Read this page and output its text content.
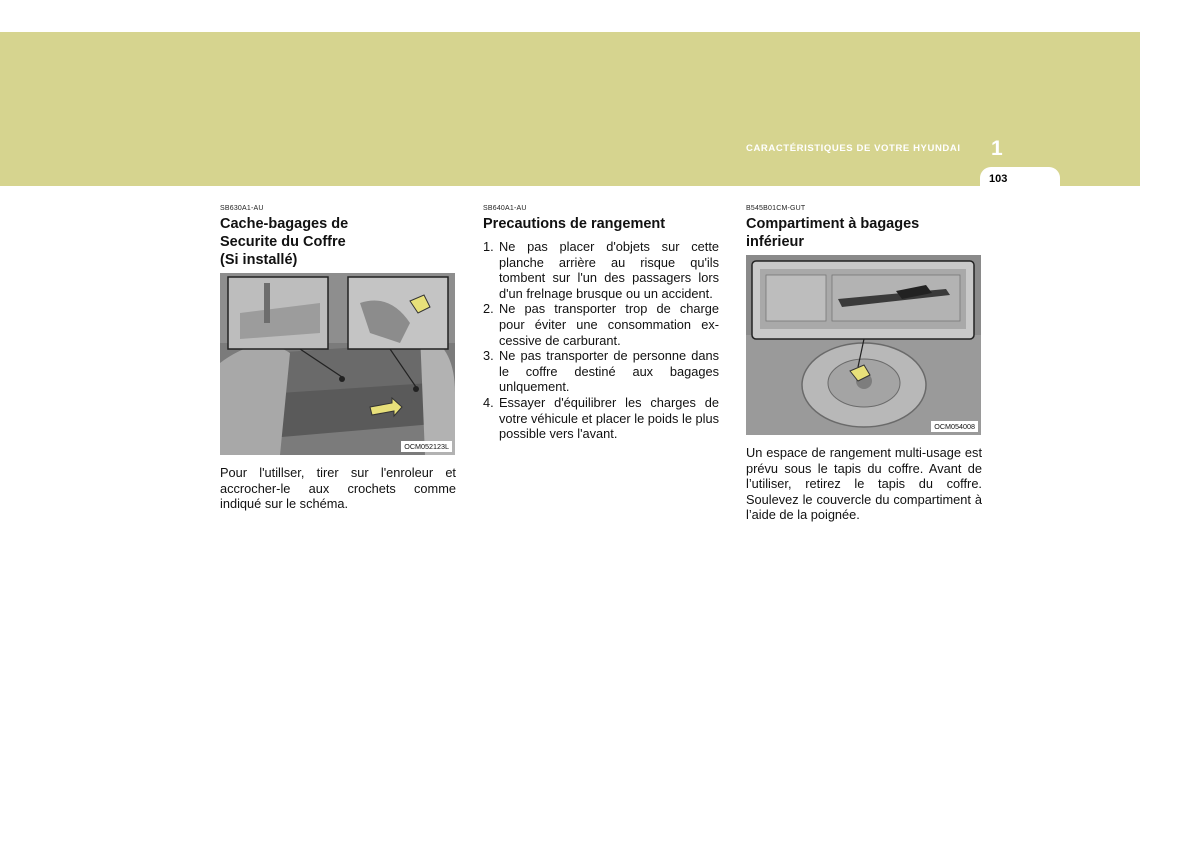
CARACTÉRISTIQUES DE VOTRE HYUNDAI 1
103
SB630A1-AU
Cache-bagages de
Securite du Coffre
(Si installé)
OCM052123L

Pour l'utillser, tirer sur l'enroleur et accrocher-le aux crochets comme indiqué sur le schéma.

SB640A1-AU
Precautions de rangement
1. Ne pas placer d'objets sur cette planche arrière au risque qu'ils tombent sur l'un des passagers lors d'un frelnage brusque ou un accident.
2. Ne pas transporter trop de charge pour éviter une consommation ex-cessive de carburant.
3. Ne pas transporter de personne dans le coffre destiné aux bagages unlquement.
4. Essayer d'équilibrer les charges de votre véhicule et placer le poids le plus possible vers l'avant.
B545B01CM-GUT
Compartiment à bagages
inférieur
OCM054008

Un espace de rangement multi-usage est prévu sous le tapis du coffre. Avant de l’utiliser, retirez le tapis du coffre. Soulevez le couvercle du compartiment à l’aide de la poignée.
